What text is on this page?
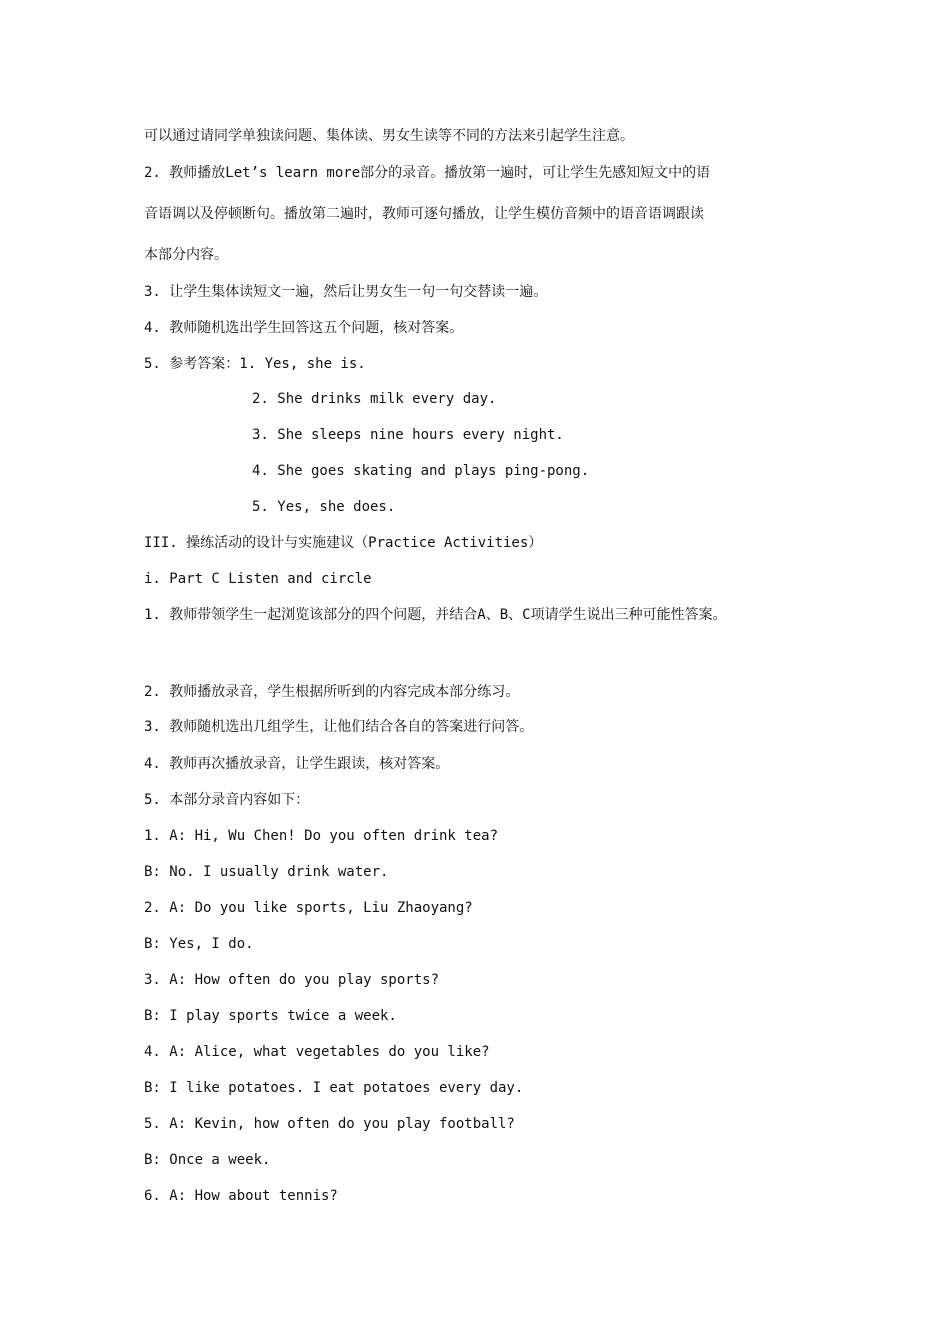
可以通过请同学单独读问题、集体读、男女生读等不同的方法来引起学生注意。
2. 教师播放Let’s learn more部分的录音。播放第一遍时，可让学生先感知短文中的语
音语调以及停顿断句。播放第二遍时，教师可逐句播放，让学生模仿音频中的语音语调跟读
本部分内容。
3. 让学生集体读短文一遍，然后让男女生一句一句交替读一遍。
4. 教师随机选出学生回答这五个问题，核对答案。
5. 参考答案：1. Yes, she is.
2. She drinks milk every day.
3. She sleeps nine hours every night.
4. She goes skating and plays ping-pong.
5. Yes, she does.
III. 操练活动的设计与实施建议（Practice Activities）
i. Part C Listen and circle
1. 教师带领学生一起浏览该部分的四个问题，并结合A、B、C项请学生说出三种可能性答案。
2. 教师播放录音，学生根据所听到的内容完成本部分练习。
3. 教师随机选出几组学生，让他们结合各自的答案进行问答。
4. 教师再次播放录音，让学生跟读，核对答案。
5. 本部分录音内容如下：
1. A: Hi, Wu Chen! Do you often drink tea?
B: No. I usually drink water.
2. A: Do you like sports, Liu Zhaoyang?
B: Yes, I do.
3. A: How often do you play sports?
B: I play sports twice a week.
4. A: Alice, what vegetables do you like?
B: I like potatoes. I eat potatoes every day.
5. A: Kevin, how often do you play football?
B: Once a week.
6. A: How about tennis?
